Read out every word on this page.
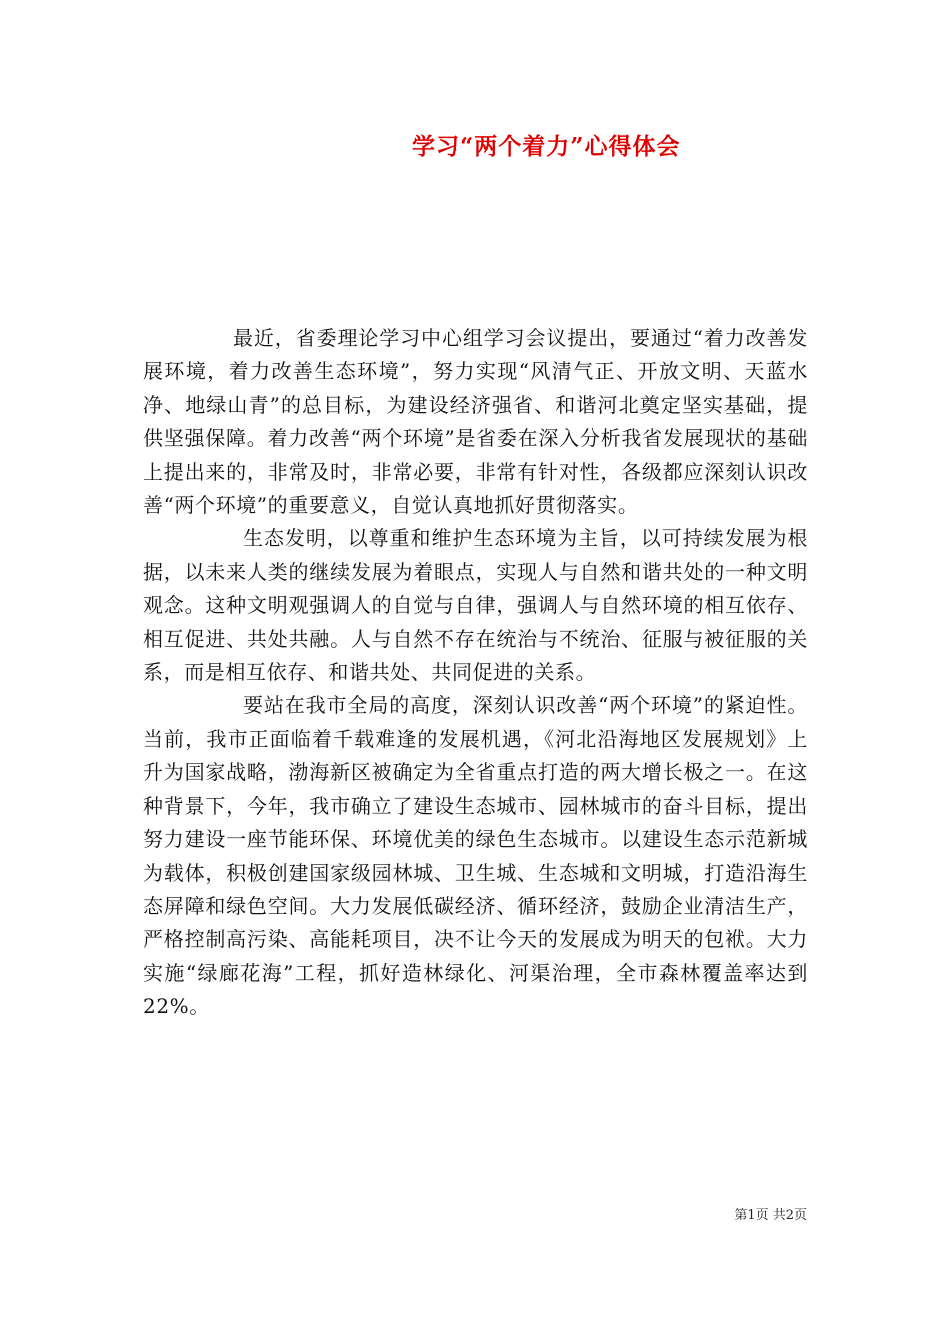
学习“两个着力”心得体会

最近，省委理论学习中心组学习会议提出，要通过“着力改善发展环境，着力改善生态环境”，努力实现“风清气正、开放文明、天蓝水净、地绿山青”的总目标，为建设经济强省、和谐河北奠定坚实基础，提供坚强保障。着力改善“两个环境”是省委在深入分析我省发展现状的基础上提出来的，非常及时，非常必要，非常有针对性，各级都应深刻认识改善“两个环境”的重要意义，自觉认真地抓好贯彻落实。

生态发明，以尊重和维护生态环境为主旨，以可持续发展为根据，以未来人类的继续发展为着眼点，实现人与自然和谐共处的一种文明观念。这种文明观强调人的自觉与自律，强调人与自然环境的相互依存、相互促进、共处共融。人与自然不存在统治与不统治、征服与被征服的关系，而是相互依存、和谐共处、共同促进的关系。

要站在我市全局的高度，深刻认识改善“两个环境”的紧迫性。当前，我市正面临着千载难逢的发展机遇，《河北沿海地区发展规划》上升为国家战略，渤海新区被确定为全省重点打造的两大增长极之一。在这种背景下，今年，我市确立了建设生态城市、园林城市的奋斗目标，提出努力建设一座节能环保、环境优美的绿色生态城市。以建设生态示范新城为载体，积极创建国家级园林城、卫生城、生态城和文明城，打造沿海生态屏障和绿色空间。大力发展低碳经济、循环经济，鼓励企业清洁生产，严格控制高污染、高能耗项目，决不让今天的发展成为明天的包袱。大力实施“绿廊花海”工程，抓好造林绿化、河渠治理，全市森林覆盖率达到22%。

第1页 共2页
